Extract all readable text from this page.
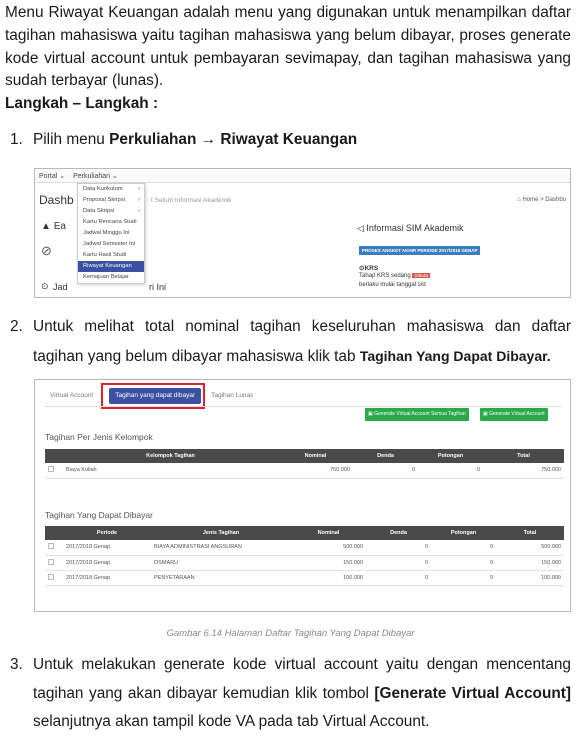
Menu Riwayat Keuangan adalah menu yang digunakan untuk menampilkan daftar tagihan mahasiswa yaitu tagihan mahasiswa yang belum dibayar, proses generate kode virtual account untuk pembayaran sevimapay, dan tagihan mahasiswa yang sudah terbayar (lunas).
Langkah – Langkah :
1. Pilih menu Perkuliahan → Riwayat Keuangan
Portal ⌄ Perkuliahan ⌄
Dashb	t Selum Informasi Akademik	⌂ Home > Dashbo
▲ Ea
⊘
⊙ Jad	ri Ini
Data Kurikulum	›
Proposal Skripsi ›
Data Skripsi	›
Kartu Rencana Studi
Jadwal Minggu Ini
Jadwal Semester Ini
Kartu Hasil Studi
Riwayat Keuangan
Kemajuan Belajar
◁ Informasi SIM Akademik
PROSES ANGKET AKHIR PERIODE 2017/2018 GENAP
⊙KRS
Tahap KRS sedang Dibuka
berlaku mulai tanggal s/d
2. Untuk melihat total nominal tagihan keseluruhan mahasiswa dan daftar tagihan yang belum dibayar mahasiswa klik tab Tagihan Yang Dapat Dibayar.
Virtual Account	Tagihan yang dapat dibayar	Tagihan Lunas
▣ Generate Virtual Account Semua Tagihan	▣ Generate Virtual Account
Tagihan Per Jenis Kelompok
	Kelompok Tagihan	Nominal	Denda	Potongan	Total
	Biaya Kuliah	750.000	0	0	750.000
Tagihan Yang Dapat Dibayar
	Periode	Jenis Tagihan	Nominal	Denda	Potongan	Total
	2017/2018 Genap	BIAYA ADMINISTRASI ANGSURAN	500.000	0	0	500.000
	2017/2018 Genap	OSMARU	150.000	0	0	150.000
	2017/2018 Genap	PENYETARAAN	100.000	0	0	100.000
Gambar 6.14 Halaman Daftar Tagihan Yang Dapat Dibayar
3. Untuk melakukan generate kode virtual account yaitu dengan mencentang tagihan yang akan dibayar kemudian klik tombol [Generate Virtual Account] selanjutnya akan tampil kode VA pada tab Virtual Account.
